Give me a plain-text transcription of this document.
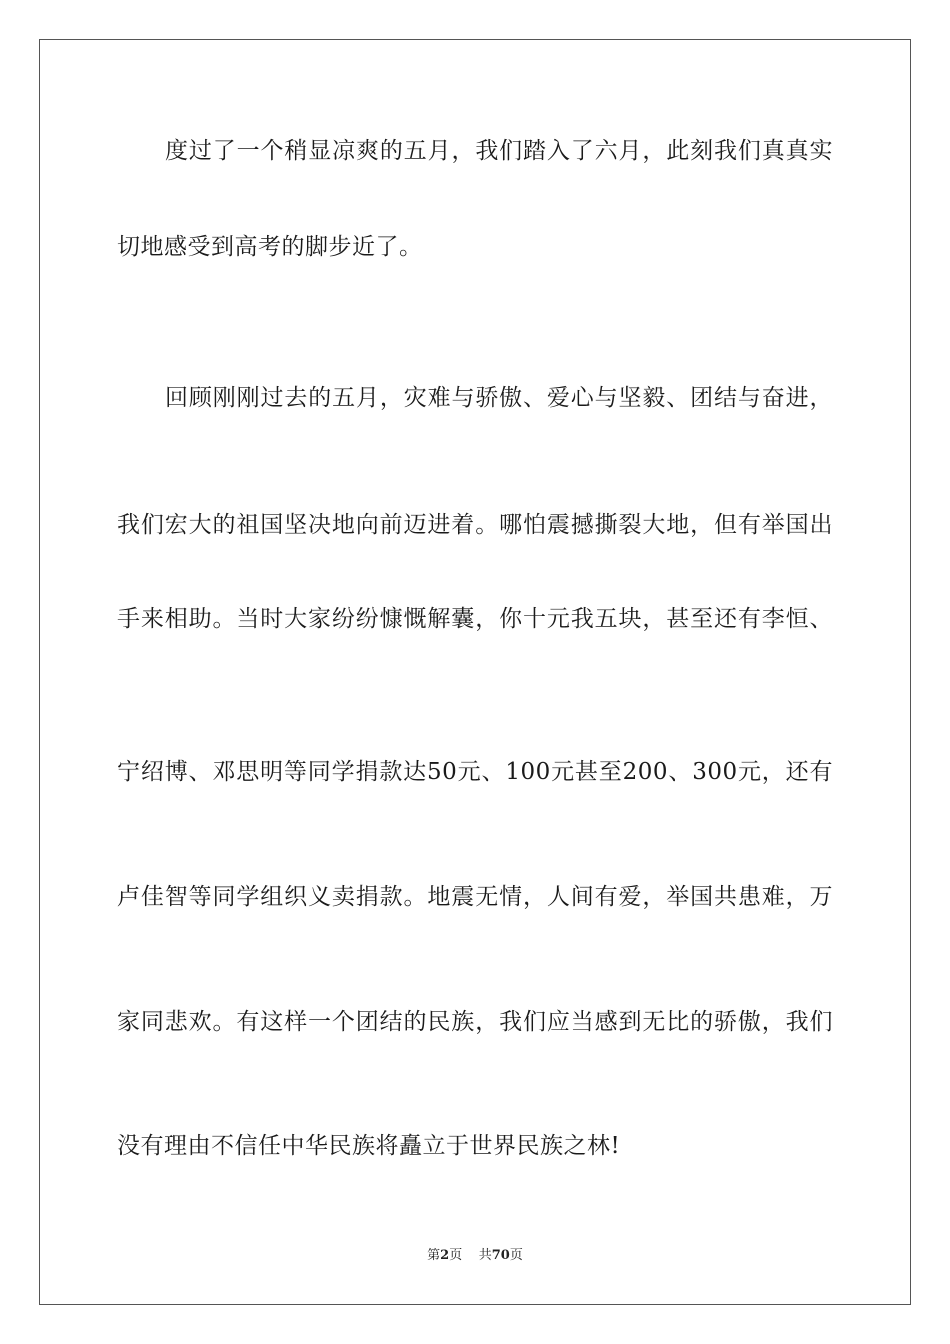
度过了一个稍显凉爽的五月，我们踏入了六月，此刻我们真真实
切地感受到高考的脚步近了。
回顾刚刚过去的五月，灾难与骄傲、爱心与坚毅、团结与奋进，
我们宏大的祖国坚决地向前迈进着。哪怕震撼撕裂大地，但有举国出
手来相助。当时大家纷纷慷慨解囊，你十元我五块，甚至还有李恒、
宁绍博、邓思明等同学捐款达50元、100元甚至200、300元，还有
卢佳智等同学组织义卖捐款。地震无情，人间有爱，举国共患难，万
家同悲欢。有这样一个团结的民族，我们应当感到无比的骄傲，我们
没有理由不信任中华民族将矗立于世界民族之林!
第2页 共70页
